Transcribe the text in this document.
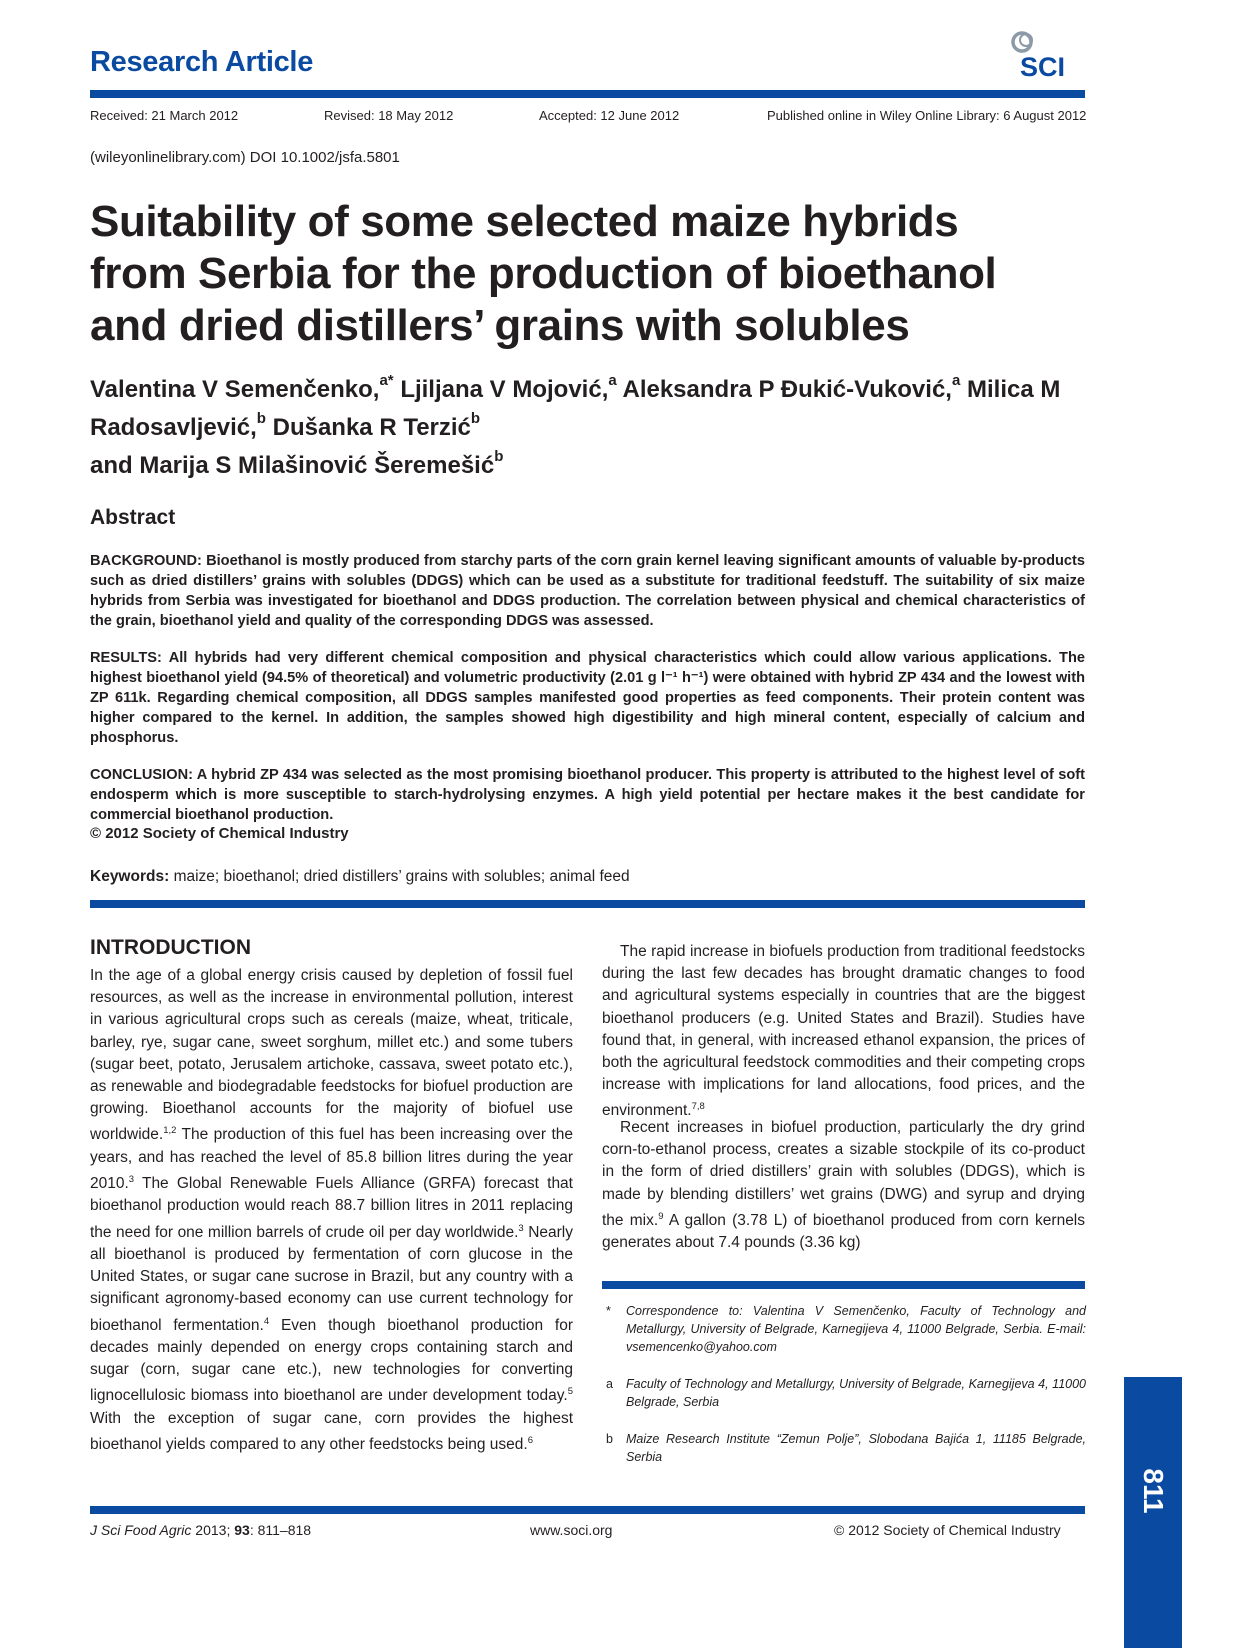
Research Article	SCI
Received: 21 March 2012	Revised: 18 May 2012	Accepted: 12 June 2012	Published online in Wiley Online Library: 6 August 2012
(wileyonlinelibrary.com) DOI 10.1002/jsfa.5801
Suitability of some selected maize hybrids
from Serbia for the production of bioethanol
and dried distillers’ grains with solubles

Valentina V Semenčenko,$^{a*}$ Ljiljana V Mojović,$^a$ Aleksandra P Đukić-Vuković,$^a$ Milica M Radosavljević,$^b$ Dušanka R Terzić$^b$
and Marija S Milašinović Šeremešić$^b$

Abstract

BACKGROUND: Bioethanol is mostly produced from starchy parts of the corn grain kernel leaving significant amounts of valuable by-products such as dried distillers’ grains with solubles (DDGS) which can be used as a substitute for traditional feedstuff. The suitability of six maize hybrids from Serbia was investigated for bioethanol and DDGS production. The correlation between physical and chemical characteristics of the grain, bioethanol yield and quality of the corresponding DDGS was assessed.

RESULTS: All hybrids had very different chemical composition and physical characteristics which could allow various applications. The highest bioethanol yield (94.5% of theoretical) and volumetric productivity (2.01 g l⁻¹ h⁻¹) were obtained with hybrid ZP 434 and the lowest with ZP 611k. Regarding chemical composition, all DDGS samples manifested good properties as feed components. Their protein content was higher compared to the kernel. In addition, the samples showed high digestibility and high mineral content, especially of calcium and phosphorus.

CONCLUSION: A hybrid ZP 434 was selected as the most promising bioethanol producer. This property is attributed to the highest level of soft endosperm which is more susceptible to starch-hydrolysing enzymes. A high yield potential per hectare makes it the best candidate for commercial bioethanol production.

© 2012 Society of Chemical Industry

Keywords: maize; bioethanol; dried distillers’ grains with solubles; animal feed
INTRODUCTION

In the age of a global energy crisis caused by depletion of fossil fuel resources, as well as the increase in environmental pollution, interest in various agricultural crops such as cereals (maize, wheat, triticale, barley, rye, sugar cane, sweet sorghum, millet etc.) and some tubers (sugar beet, potato, Jerusalem artichoke, cassava, sweet potato etc.), as renewable and biodegradable feedstocks for biofuel production are growing. Bioethanol accounts for the majority of biofuel use worldwide.$^{1,2}$ The production of this fuel has been increasing over the years, and has reached the level of 85.8 billion litres during the year 2010.$^3$ The Global Renewable Fuels Alliance (GRFA) forecast that bioethanol production would reach 88.7 billion litres in 2011 replacing the need for one million barrels of crude oil per day worldwide.$^3$ Nearly all bioethanol is produced by fermentation of corn glucose in the United States, or sugar cane sucrose in Brazil, but any country with a significant agronomy-based economy can use current technology for bioethanol fermentation.$^4$ Even though bioethanol production for decades mainly depended on energy crops containing starch and sugar (corn, sugar cane etc.), new technologies for converting lignocellulosic biomass into bioethanol are under development today.$^5$ With the exception of sugar cane, corn provides the highest bioethanol yields compared to any other feedstocks being used.$^6$

The rapid increase in biofuels production from traditional feedstocks during the last few decades has brought dramatic changes to food and agricultural systems especially in countries that are the biggest bioethanol producers (e.g. United States and Brazil). Studies have found that, in general, with increased ethanol expansion, the prices of both the agricultural feedstock commodities and their competing crops increase with implications for land allocations, food prices, and the environment.$^{7,8}$

Recent increases in biofuel production, particularly the dry grind corn-to-ethanol process, creates a sizable stockpile of its co-product in the form of dried distillers’ grain with solubles (DDGS), which is made by blending distillers’ wet grains (DWG) and syrup and drying the mix.$^9$ A gallon (3.78 L) of bioethanol produced from corn kernels generates about 7.4 pounds (3.36 kg)

* Correspondence to: Valentina V Semenčenko, Faculty of Technology and Metallurgy, University of Belgrade, Karnegijeva 4, 11000 Belgrade, Serbia. E-mail: vsemencenko@yahoo.com
a Faculty of Technology and Metallurgy, University of Belgrade, Karnegijeva 4, 11000 Belgrade, Serbia
b Maize Research Institute “Zemun Polje”, Slobodana Bajića 1, 11185 Belgrade, Serbia
811
J Sci Food Agric 2013; 93: 811–818	www.soci.org	© 2012 Society of Chemical Industry
